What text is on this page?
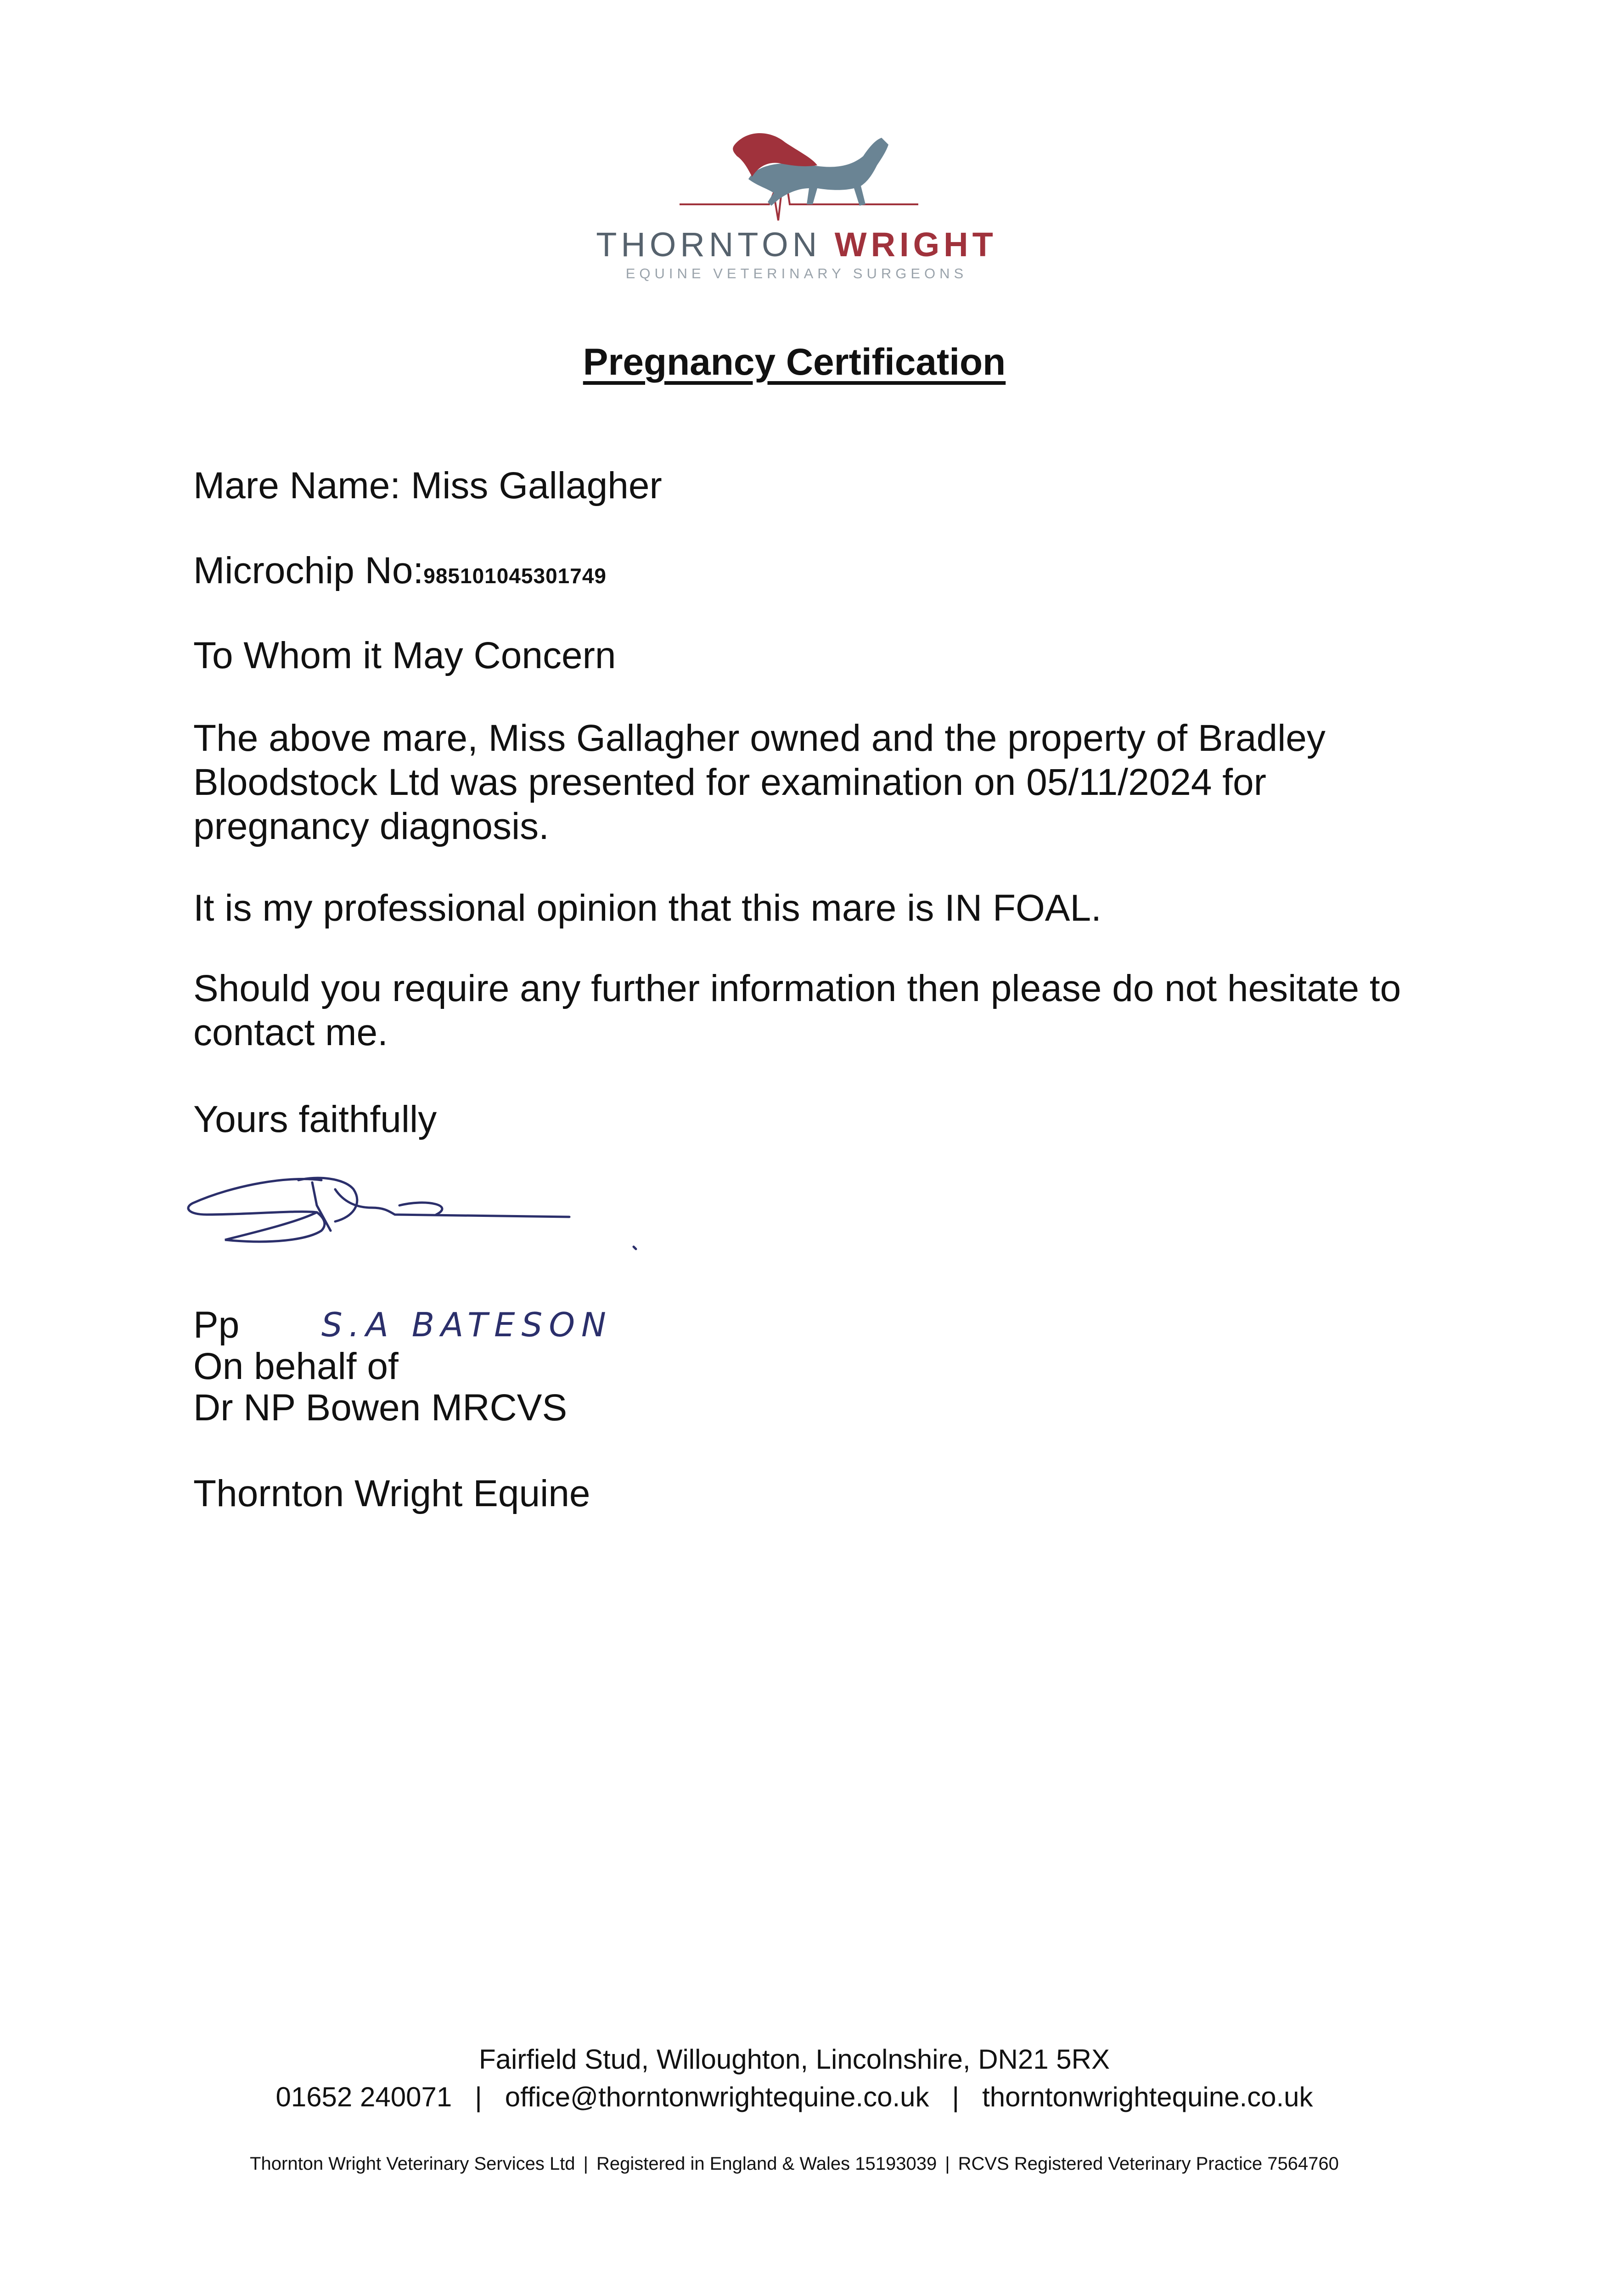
THORNTON WRIGHT
EQUINE VETERINARY SURGEONS
Pregnancy Certification
Mare Name: Miss Gallagher
Microchip No:985101045301749
To Whom it May Concern
The above mare, Miss Gallagher owned and the property of Bradley Bloodstock Ltd was presented for examination on 05/11/2024 for pregnancy diagnosis.
It is my professional opinion that this mare is IN FOAL.
Should you require any further information then please do not hesitate to contact me.
Yours faithfully
Pp S.A BATESON
On behalf of
Dr NP Bowen MRCVS
Thornton Wright Equine
Fairfield Stud, Willoughton, Lincolnshire, DN21 5RX
01652 240071 | office@thorntonwrightequine.co.uk | thorntonwrightequine.co.uk
Thornton Wright Veterinary Services Ltd | Registered in England & Wales 15193039 | RCVS Registered Veterinary Practice 7564760
